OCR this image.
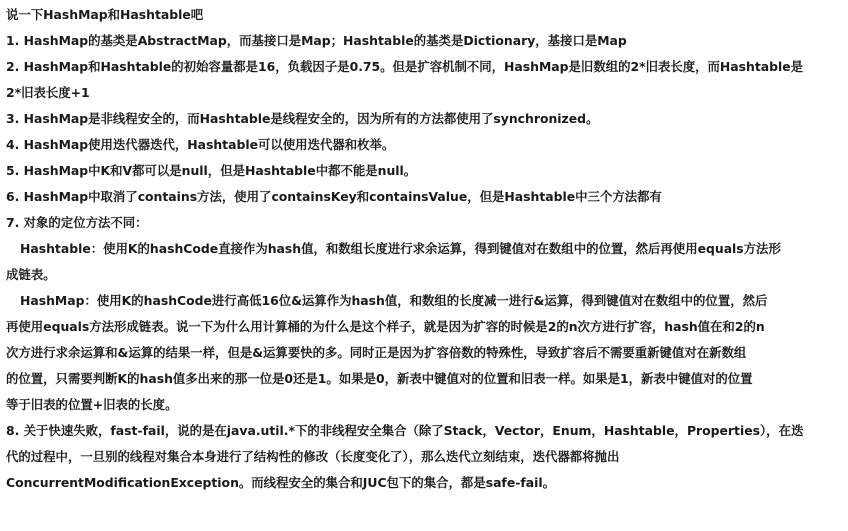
说一下HashMap和Hashtable吧
1. HashMap的基类是AbstractMap，而基接口是Map；Hashtable的基类是Dictionary，基接口是Map
2. HashMap和Hashtable的初始容量都是16，负载因子是0.75。但是扩容机制不同，HashMap是旧数组的2*旧表长度，而Hashtable是
2*旧表长度+1
3. HashMap是非线程安全的，而Hashtable是线程安全的，因为所有的方法都使用了synchronized。
4. HashMap使用迭代器迭代，Hashtable可以使用迭代器和枚举。
5. HashMap中K和V都可以是null，但是Hashtable中都不能是null。
6. HashMap中取消了contains方法，使用了containsKey和containsValue，但是Hashtable中三个方法都有
7. 对象的定位方法不同：
Hashtable：使用K的hashCode直接作为hash值，和数组长度进行求余运算，得到键值对在数组中的位置，然后再使用equals方法形
成链表。
HashMap：使用K的hashCode进行高低16位&运算作为hash值，和数组的长度减一进行&运算，得到键值对在数组中的位置，然后
再使用equals方法形成链表。说一下为什么用计算桶的为什么是这个样子，就是因为扩容的时候是2的n次方进行扩容，hash值在和2的n
次方进行求余运算和&运算的结果一样，但是&运算要快的多。同时正是因为扩容倍数的特殊性，导致扩容后不需要重新键值对在新数组
的位置，只需要判断K的hash值多出来的那一位是0还是1。如果是0，新表中键值对的位置和旧表一样。如果是1，新表中键值对的位置
等于旧表的位置+旧表的长度。
8. 关于快速失败，fast-fail，说的是在java.util.*下的非线程安全集合（除了Stack，Vector，Enum，Hashtable，Properties），在迭
代的过程中，一旦别的线程对集合本身进行了结构性的修改（长度变化了），那么迭代立刻结束，迭代器都将抛出
ConcurrentModificationException。而线程安全的集合和JUC包下的集合，都是safe-fail。
